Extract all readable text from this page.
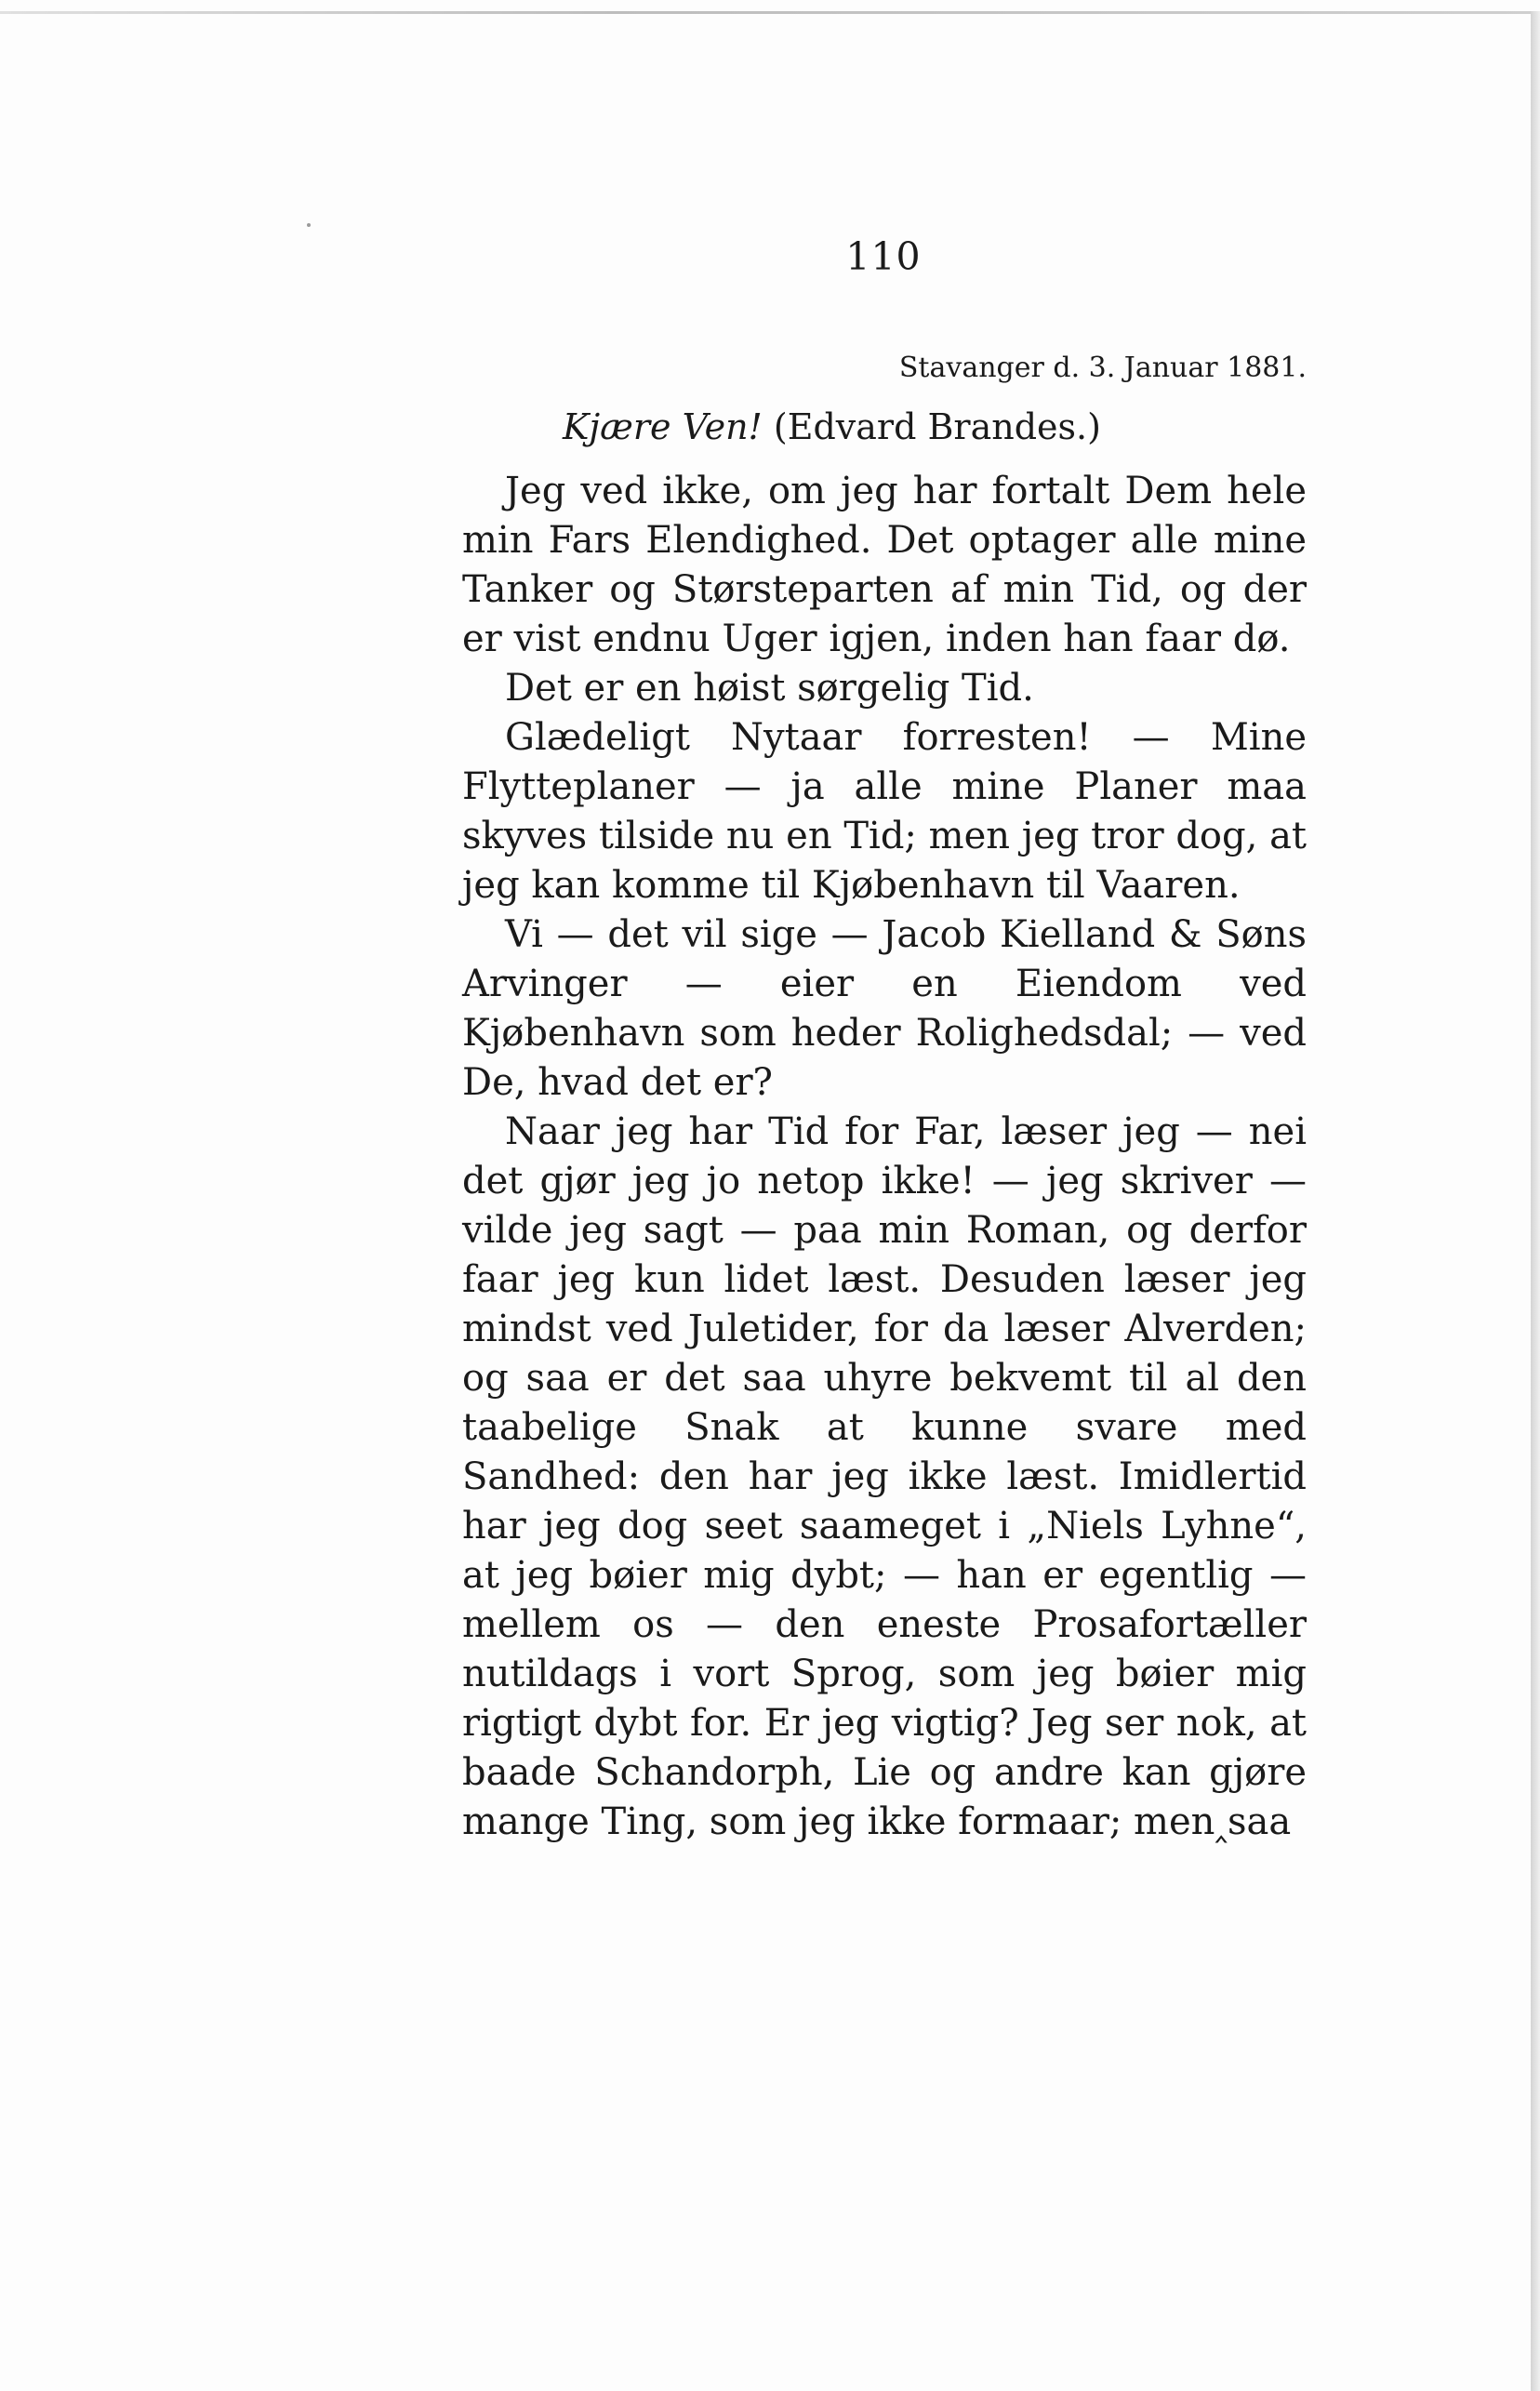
110

Stavanger d. 3. Januar 1881.

Kjære Ven! (Edvard Brandes.)

Jeg ved ikke, om jeg har fortalt Dem hele min Fars Elendighed. Det optager alle mine Tanker og Størsteparten af min Tid, og der er vist endnu Uger igjen, inden han faar dø.

Det er en høist sørgelig Tid.

Glædeligt Nytaar forresten! — Mine Flytteplaner — ja alle mine Planer maa skyves tilside nu en Tid; men jeg tror dog, at jeg kan komme til Kjøbenhavn til Vaaren.

Vi — det vil sige — Jacob Kielland & Søns Arvinger — eier en Eiendom ved Kjøbenhavn som heder Rolighedsdal; — ved De, hvad det er?

Naar jeg har Tid for Far, læser jeg — nei det gjør jeg jo netop ikke! — jeg skriver — vilde jeg sagt — paa min Roman, og derfor faar jeg kun lidet læst. Desuden læser jeg mindst ved Juletider, for da læser Alverden; og saa er det saa uhyre bekvemt til al den taabelige Snak at kunne svare med Sandhed: den har jeg ikke læst. Imidlertid har jeg dog seet saameget i „Niels Lyhne“, at jeg bøier mig dybt; — han er egentlig — mellem os — den eneste Prosafortæller nutildags i vort Sprog, som jeg bøier mig rigtigt dybt for. Er jeg vigtig? Jeg ser nok, at baade Schandorph, Lie og andre kan gjøre mange Ting, som jeg ikke formaar; men‸saa
